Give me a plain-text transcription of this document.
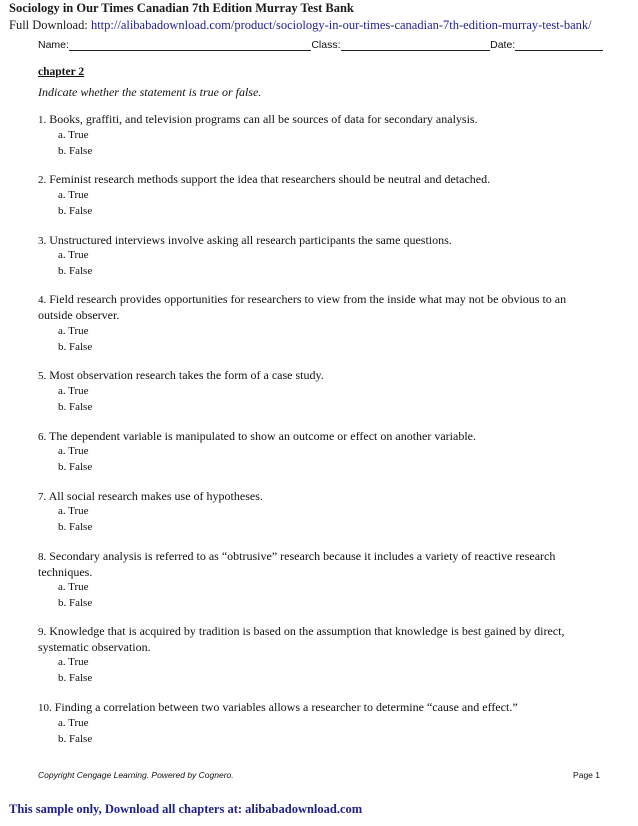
Sociology in Our Times Canadian 7th Edition Murray Test Bank
Full Download: http://alibabadownload.com/product/sociology-in-our-times-canadian-7th-edition-murray-test-bank/
Name:	Class:	Date:
chapter 2
Indicate whether the statement is true or false.
1. Books, graffiti, and television programs can all be sources of data for secondary analysis.
a. True
b. False
2. Feminist research methods support the idea that researchers should be neutral and detached.
a. True
b. False
3. Unstructured interviews involve asking all research participants the same questions.
a. True
b. False
4. Field research provides opportunities for researchers to view from the inside what may not be obvious to an outside observer.
a. True
b. False
5. Most observation research takes the form of a case study.
a. True
b. False
6. The dependent variable is manipulated to show an outcome or effect on another variable.
a. True
b. False
7. All social research makes use of hypotheses.
a. True
b. False
8. Secondary analysis is referred to as “obtrusive” research because it includes a variety of reactive research techniques.
a. True
b. False
9. Knowledge that is acquired by tradition is based on the assumption that knowledge is best gained by direct, systematic observation.
a. True
b. False
10. Finding a correlation between two variables allows a researcher to determine “cause and effect.”
a. True
b. False
Copyright Cengage Learning. Powered by Cognero.	Page 1
This sample only, Download all chapters at: alibabadownload.com
